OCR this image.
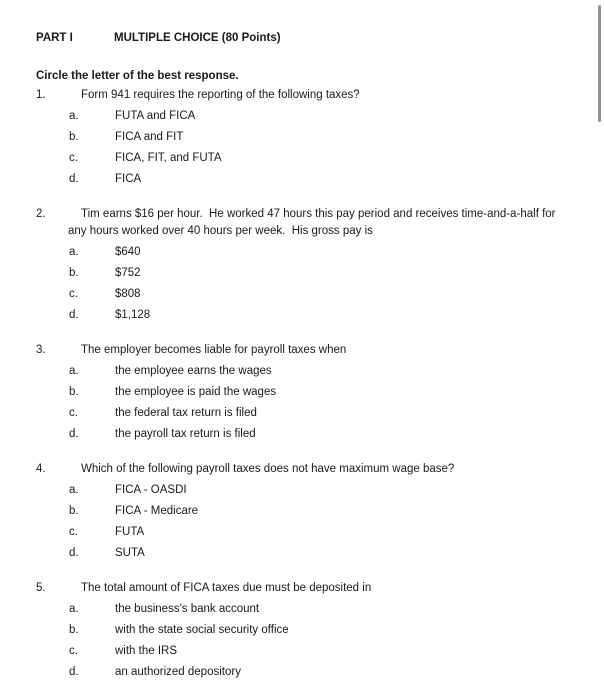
PART I	MULTIPLE CHOICE (80 Points)
Circle the letter of the best response.
1.	Form 941 requires the reporting of the following taxes?
a.	FUTA and FICA
b.	FICA and FIT
c.	FICA, FIT, and FUTA
d.	FICA
2.	Tim earns $16 per hour.  He worked 47 hours this pay period and receives time-and-a-half for any hours worked over 40 hours per week.  His gross pay is
a.	$640
b.	$752
c.	$808
d.	$1,128
3.	The employer becomes liable for payroll taxes when
a.	the employee earns the wages
b.	the employee is paid the wages
c.	the federal tax return is filed
d.	the payroll tax return is filed
4.	Which of the following payroll taxes does not have maximum wage base?
a.	FICA - OASDI
b.	FICA - Medicare
c.	FUTA
d.	SUTA
5.	The total amount of FICA taxes due must be deposited in
a.	the business's bank account
b.	with the state social security office
c.	with the IRS
d.	an authorized depository
